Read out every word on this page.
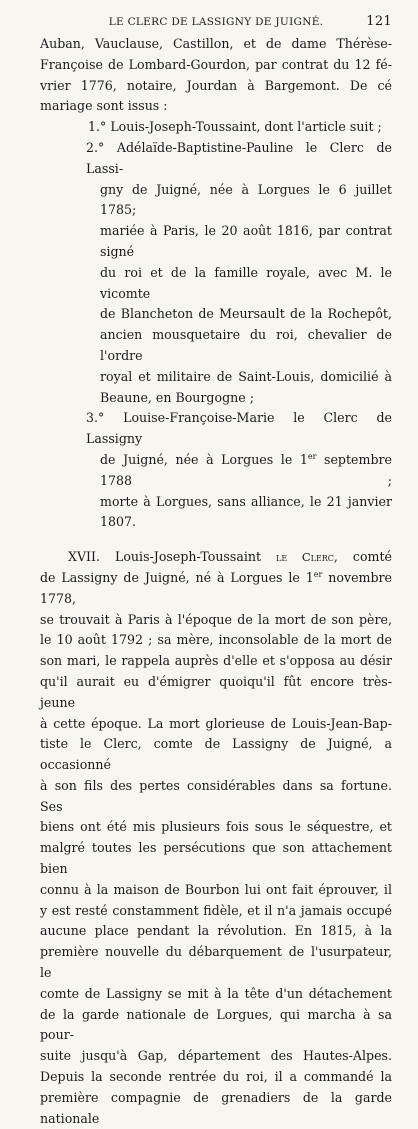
LE CLERC DE LASSIGNY DE JUIGNÉ.	121
Auban, Vauclause, Castillon, et de dame Thérèse-
Françoise de Lombard-Gourdon, par contrat du 12 fé-
vrier 1776, notaire, Jourdan à Bargemont. De cé
mariage sont issus :
1.° Louis-Joseph-Toussaint, dont l'article suit ;
2.° Adélaïde-Baptistine-Pauline le Clerc de Lassi-
gny de Juigné, née à Lorgues le 6 juillet 1785;
mariée à Paris, le 20 août 1816, par contrat signé
du roi et de la famille royale, avec M. le vicomte
de Blancheton de Meursault de la Rochepôt,
ancien mousquetaire du roi, chevalier de l'ordre
royal et militaire de Saint-Louis, domicilié à
Beaune, en Bourgogne ;
3.° Louise-Françoise-Marie le Clerc de Lassigny
de Juigné, née à Lorgues le 1er septembre 1788 ;
morte à Lorgues, sans alliance, le 21 janvier 1807.
XVII. Louis-Joseph-Toussaint le Clerc, comté
de Lassigny de Juigné, né à Lorgues le 1er novembre 1778,
se trouvait à Paris à l'époque de la mort de son père,
le 10 août 1792 ; sa mère, inconsolable de la mort de
son mari, le rappela auprès d'elle et s'opposa au désir
qu'il aurait eu d'émigrer quoiqu'il fût encore très-jeune
à cette époque. La mort glorieuse de Louis-Jean-Bap-
tiste le Clerc, comte de Lassigny de Juigné, a occasionné
à son fils des pertes considérables dans sa fortune. Ses
biens ont été mis plusieurs fois sous le séquestre, et
malgré toutes les persécutions que son attachement bien
connu à la maison de Bourbon lui ont fait éprouver, il
y est resté constamment fidèle, et il n'a jamais occupé
aucune place pendant la révolution. En 1815, à la
première nouvelle du débarquement de l'usurpateur, le
comte de Lassigny se mit à la tête d'un détachement
de la garde nationale de Lorgues, qui marcha à sa pour-
suite jusqu'à Gap, département des Hautes-Alpes.
Depuis la seconde rentrée du roi, il a commandé la
première compagnie de grenadiers de la garde nationale
